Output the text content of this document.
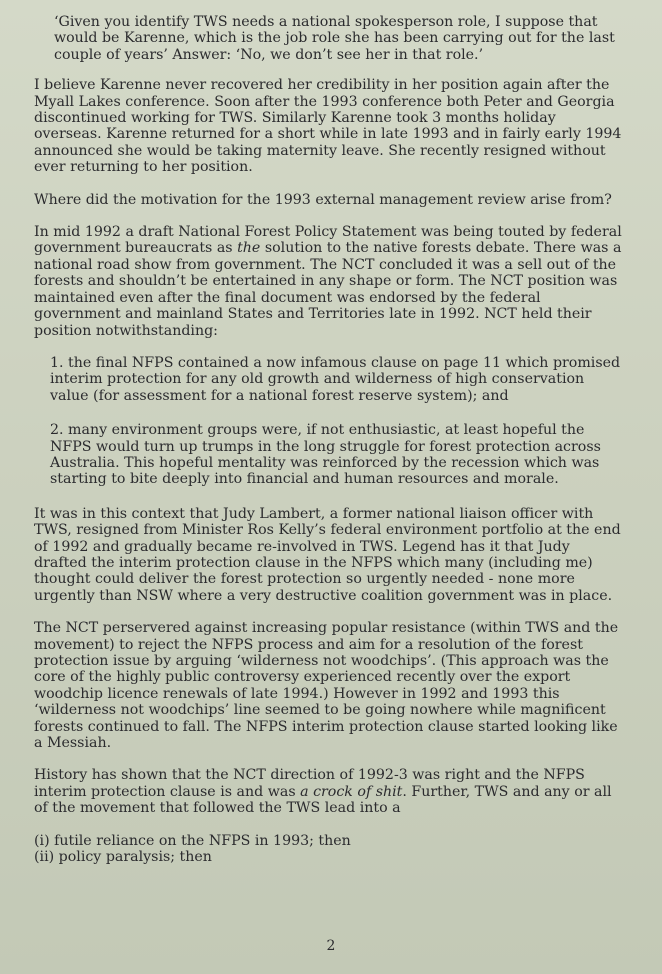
‘Given you identify TWS needs a national spokesperson role, I suppose that would be Karenne, which is the job role she has been carrying out for the last couple of years’ Answer: ‘No, we don’t see her in that role.’

I believe Karenne never recovered her credibility in her position again after the Myall Lakes conference. Soon after the 1993 conference both Peter and Georgia discontinued working for TWS. Similarly Karenne took 3 months holiday overseas. Karenne returned for a short while in late 1993 and in fairly early 1994 announced she would be taking maternity leave. She recently resigned without ever returning to her position.

Where did the motivation for the 1993 external management review arise from?

In mid 1992 a draft National Forest Policy Statement was being touted by federal government bureaucrats as the solution to the native forests debate. There was a national road show from government. The NCT concluded it was a sell out of the forests and shouldn’t be entertained in any shape or form. The NCT position was maintained even after the final document was endorsed by the federal government and mainland States and Territories late in 1992. NCT held their position notwithstanding:

1. the final NFPS contained a now infamous clause on page 11 which promised interim protection for any old growth and wilderness of high conservation value (for assessment for a national forest reserve system); and

2. many environment groups were, if not enthusiastic, at least hopeful the NFPS would turn up trumps in the long struggle for forest protection across Australia. This hopeful mentality was reinforced by the recession which was starting to bite deeply into financial and human resources and morale.

It was in this context that Judy Lambert, a former national liaison officer with TWS, resigned from Minister Ros Kelly’s federal environment portfolio at the end of 1992 and gradually became re-involved in TWS. Legend has it that Judy drafted the interim protection clause in the NFPS which many (including me) thought could deliver the forest protection so urgently needed - none more urgently than NSW where a very destructive coalition government was in place.

The NCT perservered against increasing popular resistance (within TWS and the movement) to reject the NFPS process and aim for a resolution of the forest protection issue by arguing ‘wilderness not woodchips’. (This approach was the core of the highly public controversy experienced recently over the export woodchip licence renewals of late 1994.) However in 1992 and 1993 this ‘wilderness not woodchips’ line seemed to be going nowhere while magnificent forests continued to fall. The NFPS interim protection clause started looking like a Messiah.

History has shown that the NCT direction of 1992-3 was right and the NFPS interim protection clause is and was a crock of shit. Further, TWS and any or all of the movement that followed the TWS lead into a

(i) futile reliance on the NFPS in 1993; then

(ii) policy paralysis; then

2
